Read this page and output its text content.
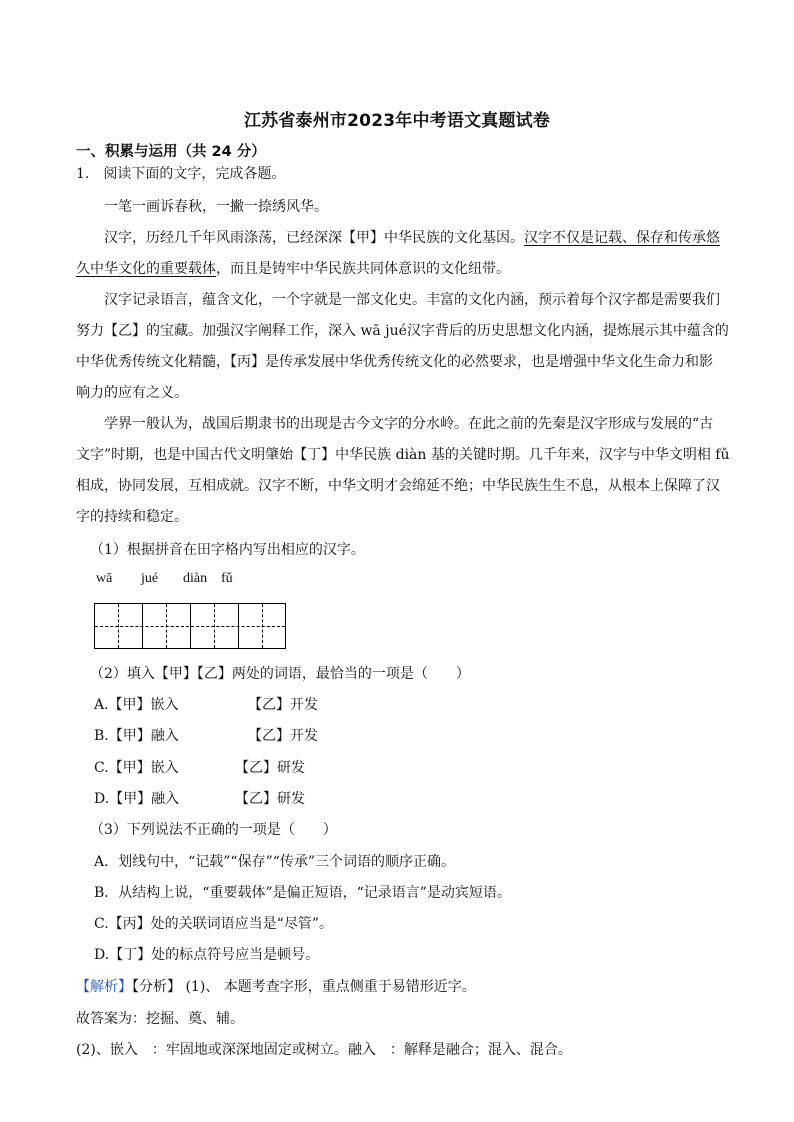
江苏省泰州市2023年中考语文真题试卷
一、积累与运用（共 24 分）
1.　阅读下面的文字，完成各题。
一笔一画诉春秋，一撇一捺绣风华。
汉字，历经几千年风雨涤荡，已经深深【甲】中华民族的文化基因。汉字不仅是记载、保存和传承悠
久中华文化的重要载体，而且是铸牢中华民族共同体意识的文化纽带。
汉字记录语言，蕴含文化，一个字就是一部文化史。丰富的文化内涵，预示着每个汉字都是需要我们
努力【乙】的宝藏。加强汉字阐释工作，深入 wā jué汉字背后的历史思想文化内涵，提炼展示其中蕴含的
中华优秀传统文化精髓，【丙】是传承发展中华优秀传统文化的必然要求，也是增强中华文化生命力和影
响力的应有之义。
学界一般认为，战国后期隶书的出现是古今文字的分水岭。在此之前的先秦是汉字形成与发展的“古
文字”时期，也是中国古代文明肇始【丁】中华民族 diàn 基的关键时期。几千年来，汉字与中华文明相 fǔ
相成，协同发展，互相成就。汉字不断，中华文明才会绵延不绝；中华民族生生不息，从根本上保障了汉
字的持续和稳定。
（1）根据拼音在田字格内写出相应的汉字。
wā jué diàn fǔ
（2）填入【甲】【乙】两处的词语，最恰当的一项是（　　）
A.【甲】嵌入	【乙】开发
B.【甲】融入	【乙】开发
C.【甲】嵌入	【乙】研发
D.【甲】融入	【乙】研发
（3）下列说法不正确的一项是（　　）
A．划线句中，“记载”“保存”“传承”三个词语的顺序正确。
B．从结构上说，“重要载体”是偏正短语，“记录语言”是动宾短语。
C.【丙】处的关联词语应当是“尽管”。
D.【丁】处的标点符号应当是顿号。
【解析】【分析】 (1)、 本题考查字形，重点侧重于易错形近字。
故答案为：挖掘、奠、辅。
(2)、嵌入　：牢固地或深深地固定或树立。融入　：解释是融合；混入、混合。
